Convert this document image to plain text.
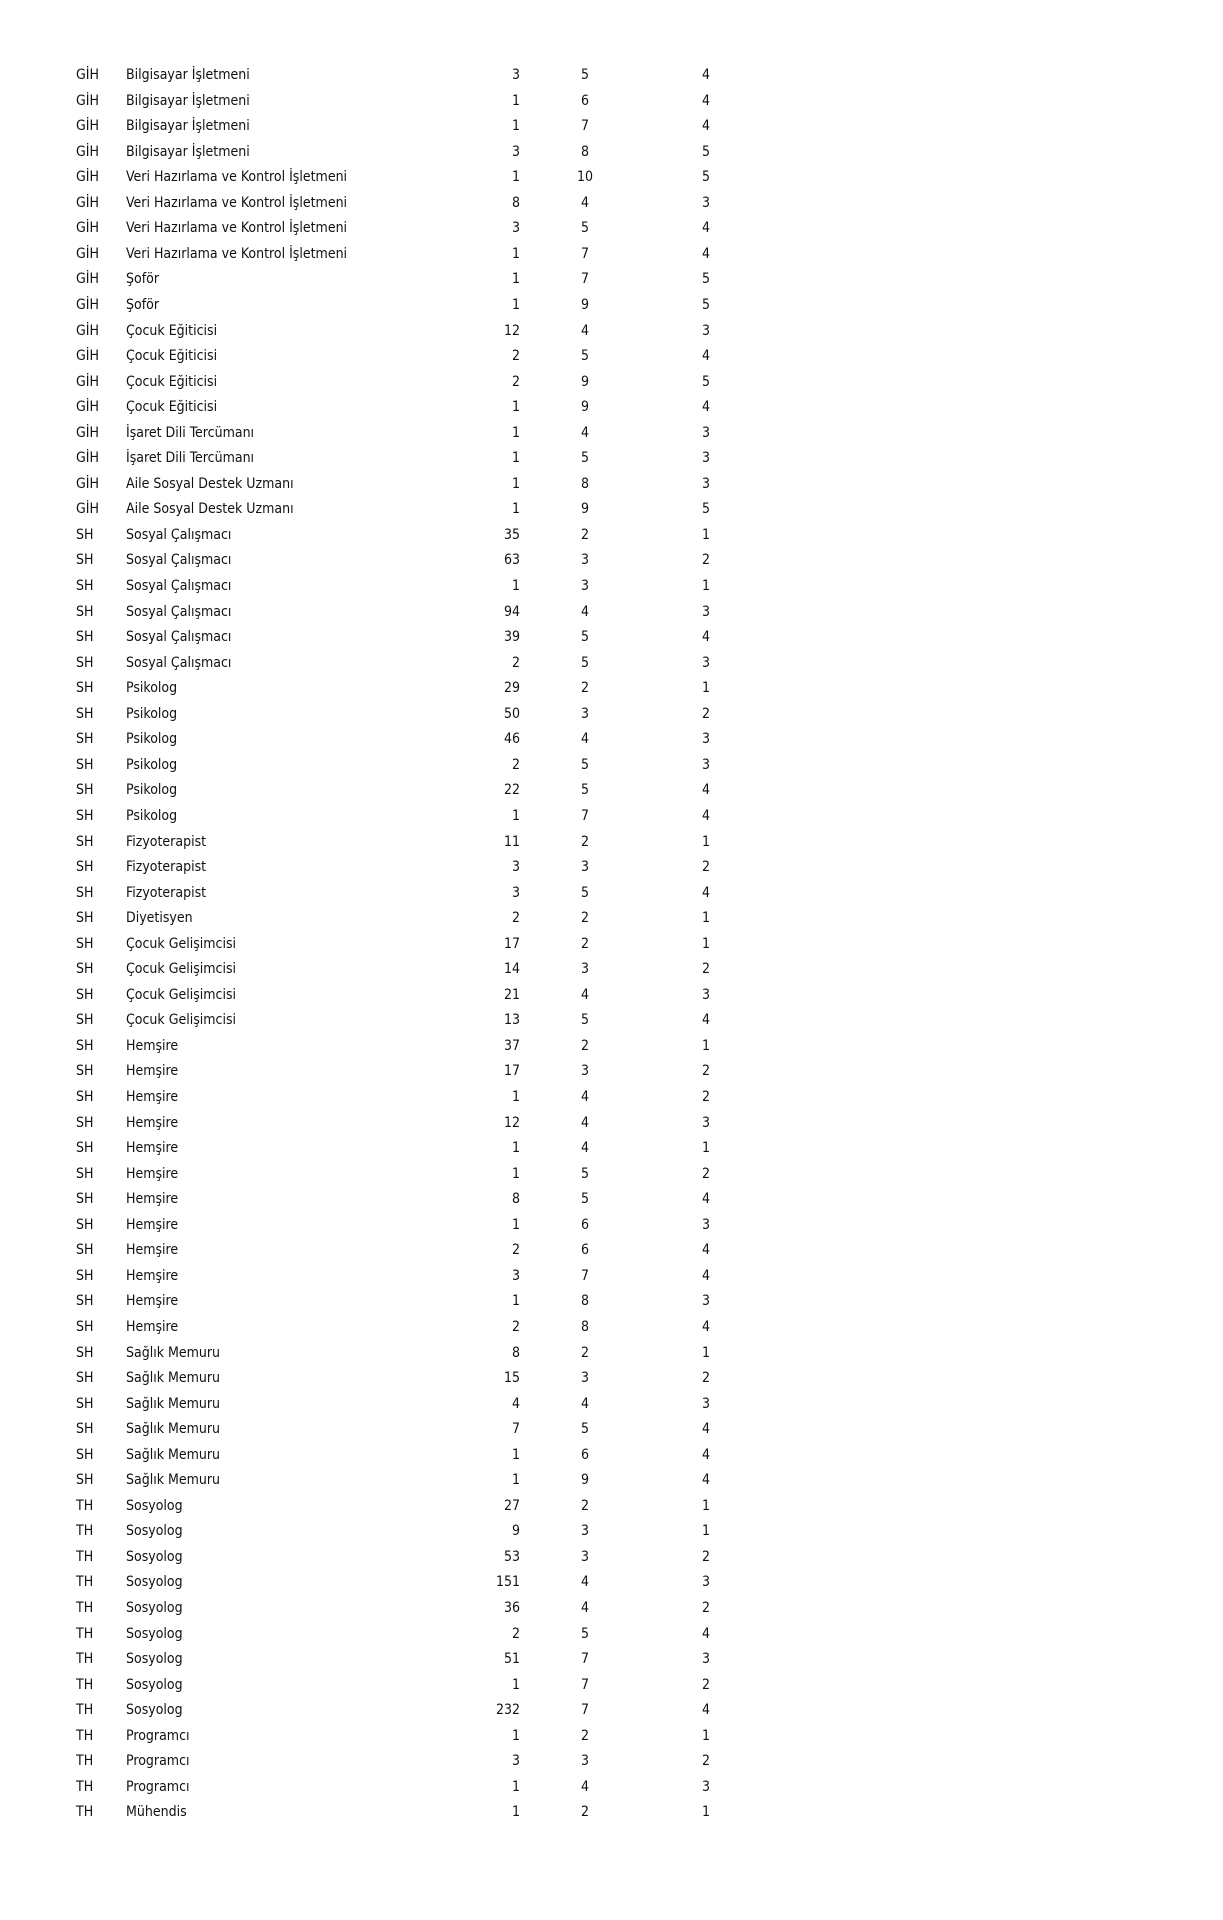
GİH	Bilgisayar İşletmeni	3	5	4
GİH	Bilgisayar İşletmeni	1	6	4
GİH	Bilgisayar İşletmeni	1	7	4
GİH	Bilgisayar İşletmeni	3	8	5
GİH	Veri Hazırlama ve Kontrol İşletmeni	1	10	5
GİH	Veri Hazırlama ve Kontrol İşletmeni	8	4	3
GİH	Veri Hazırlama ve Kontrol İşletmeni	3	5	4
GİH	Veri Hazırlama ve Kontrol İşletmeni	1	7	4
GİH	Şoför	1	7	5
GİH	Şoför	1	9	5
GİH	Çocuk Eğiticisi	12	4	3
GİH	Çocuk Eğiticisi	2	5	4
GİH	Çocuk Eğiticisi	2	9	5
GİH	Çocuk Eğiticisi	1	9	4
GİH	İşaret Dili Tercümanı	1	4	3
GİH	İşaret Dili Tercümanı	1	5	3
GİH	Aile Sosyal Destek Uzmanı	1	8	3
GİH	Aile Sosyal Destek Uzmanı	1	9	5
SH	Sosyal Çalışmacı	35	2	1
SH	Sosyal Çalışmacı	63	3	2
SH	Sosyal Çalışmacı	1	3	1
SH	Sosyal Çalışmacı	94	4	3
SH	Sosyal Çalışmacı	39	5	4
SH	Sosyal Çalışmacı	2	5	3
SH	Psikolog	29	2	1
SH	Psikolog	50	3	2
SH	Psikolog	46	4	3
SH	Psikolog	2	5	3
SH	Psikolog	22	5	4
SH	Psikolog	1	7	4
SH	Fizyoterapist	11	2	1
SH	Fizyoterapist	3	3	2
SH	Fizyoterapist	3	5	4
SH	Diyetisyen	2	2	1
SH	Çocuk Gelişimcisi	17	2	1
SH	Çocuk Gelişimcisi	14	3	2
SH	Çocuk Gelişimcisi	21	4	3
SH	Çocuk Gelişimcisi	13	5	4
SH	Hemşire	37	2	1
SH	Hemşire	17	3	2
SH	Hemşire	1	4	2
SH	Hemşire	12	4	3
SH	Hemşire	1	4	1
SH	Hemşire	1	5	2
SH	Hemşire	8	5	4
SH	Hemşire	1	6	3
SH	Hemşire	2	6	4
SH	Hemşire	3	7	4
SH	Hemşire	1	8	3
SH	Hemşire	2	8	4
SH	Sağlık Memuru	8	2	1
SH	Sağlık Memuru	15	3	2
SH	Sağlık Memuru	4	4	3
SH	Sağlık Memuru	7	5	4
SH	Sağlık Memuru	1	6	4
SH	Sağlık Memuru	1	9	4
TH	Sosyolog	27	2	1
TH	Sosyolog	9	3	1
TH	Sosyolog	53	3	2
TH	Sosyolog	151	4	3
TH	Sosyolog	36	4	2
TH	Sosyolog	2	5	4
TH	Sosyolog	51	7	3
TH	Sosyolog	1	7	2
TH	Sosyolog	232	7	4
TH	Programcı	1	2	1
TH	Programcı	3	3	2
TH	Programcı	1	4	3
TH	Mühendis	1	2	1
